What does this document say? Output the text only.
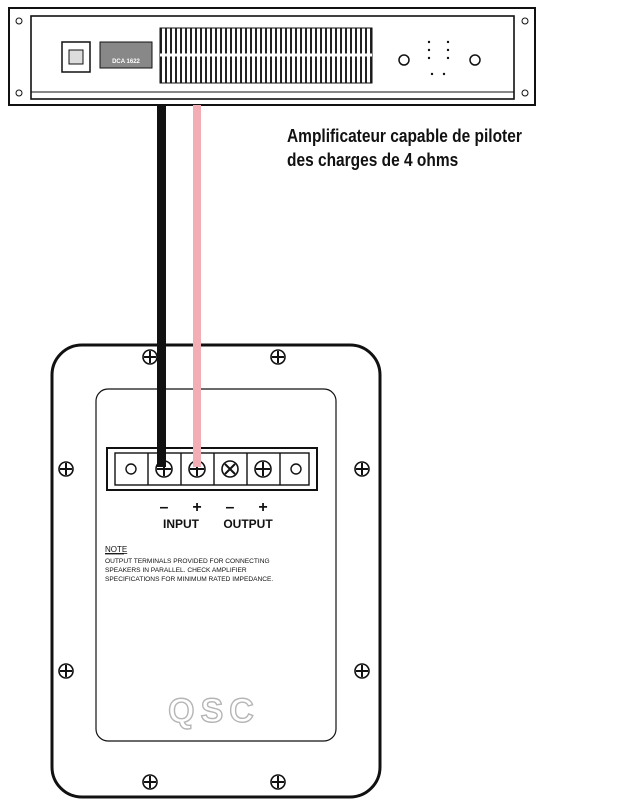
DCA 1622
– + – +
INPUT OUTPUT
NOTE
OUTPUT TERMINALS PROVIDED FOR CONNECTING
SPEAKERS IN PARALLEL. CHECK AMPLIFIER
SPECIFICATIONS FOR MINIMUM RATED IMPEDANCE.
QSC
Amplificateur capable de piloter
des charges de 4 ohms
